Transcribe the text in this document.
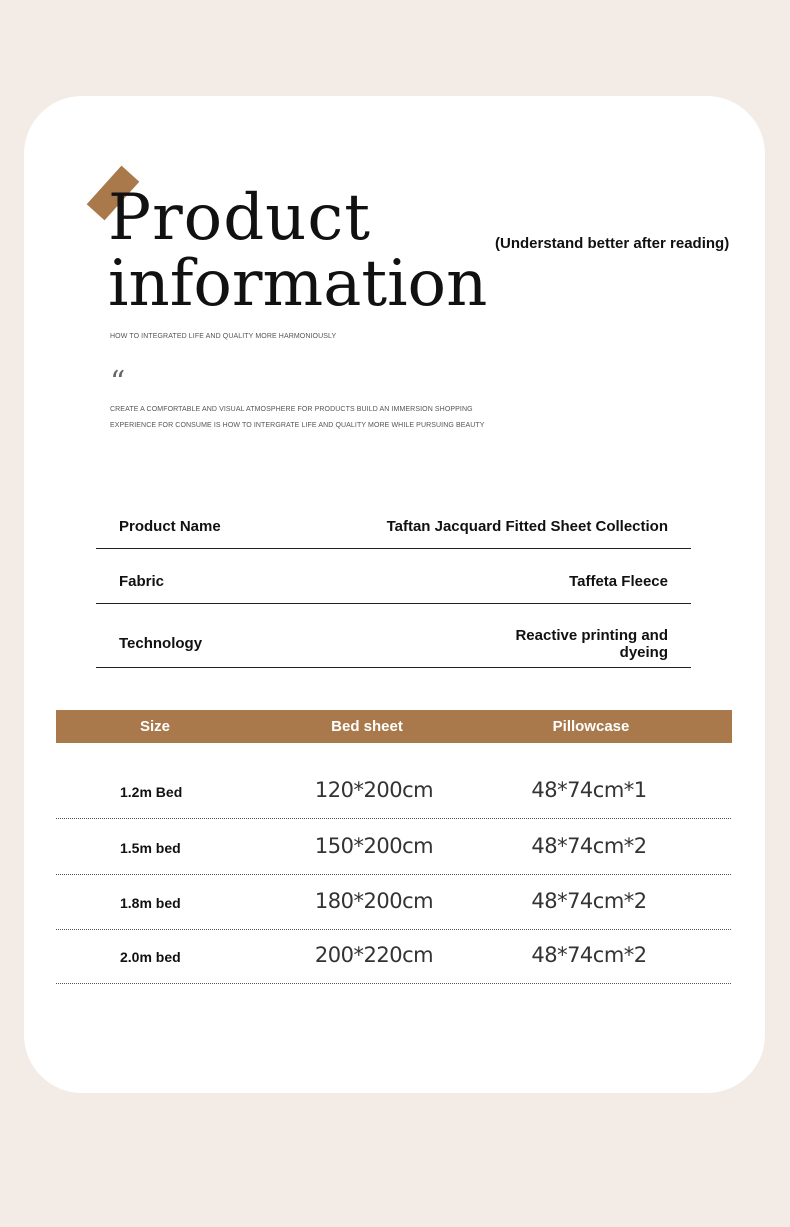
Product
information
(Understand better after reading)
HOW TO INTEGRATED LIFE AND QUALITY MORE HARMONIOUSLY
“
CREATE A COMFORTABLE AND VISUAL ATMOSPHERE FOR PRODUCTS BUILD AN IMMERSION SHOPPING EXPERIENCE FOR CONSUME IS HOW TO INTERGRATE LIFE AND QUALITY MORE WHILE PURSUING BEAUTY
Product Name	Taftan Jacquard Fitted Sheet Collection
Fabric	Taffeta Fleece
Technology	Reactive printing and dyeing
Size	Bed sheet	Pillowcase
1.2m Bed	120*200cm	48*74cm*1
1.5m bed	150*200cm	48*74cm*2
1.8m bed	180*200cm	48*74cm*2
2.0m bed	200*220cm	48*74cm*2
